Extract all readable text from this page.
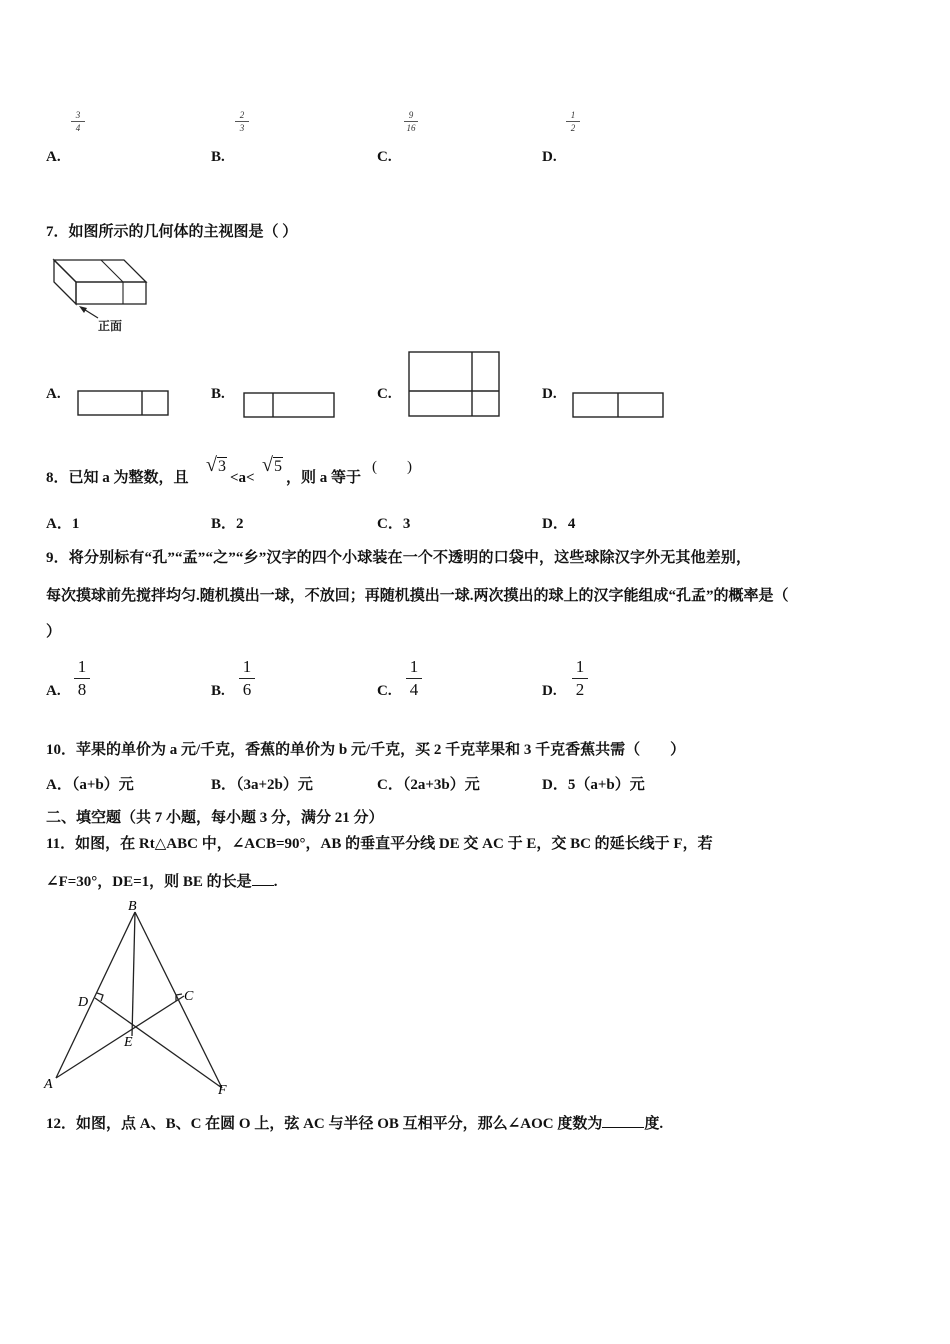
3
4
A.
2
3
B.
9
16
C.
1
2
D.
7．如图所示的几何体的主视图是（ ）
正面
A.	B.	C.	D.
8．已知 a 为整数，且
√3
<a<
√5
，则 a 等于
(        )
A．1	B．2	C．3	D．4
9．将分别标有“孔”“孟”“之”“乡”汉字的四个小球装在一个不透明的口袋中，这些球除汉字外无其他差别，
每次摸球前先搅拌均匀.随机摸出一球，不放回；再随机摸出一球.两次摸出的球上的汉字能组成“孔孟”的概率是（
）
A.
1
8	B.
1
6	C.
1
4	D.
1
2
10．苹果的单价为 a 元/千克，香蕉的单价为 b 元/千克，买 2 千克苹果和 3 千克香蕉共需（        ）
A．（a+b）元	B．（3a+2b）元	C．（2a+3b）元	D．5（a+b）元
二、填空题（共 7 小题，每小题 3 分，满分 21 分）
11．如图，在 Rt△ABC 中，∠ACB=90°，AB 的垂直平分线 DE 交 AC 于 E，交 BC 的延长线于 F，若
∠F=30°，DE=1，则 BE 的长是 .
B
D	C
E
A	F
12．如图，点 A、B、C 在圆 O 上，弦 AC 与半径 OB 互相平分，那么∠AOC 度数为	度.
